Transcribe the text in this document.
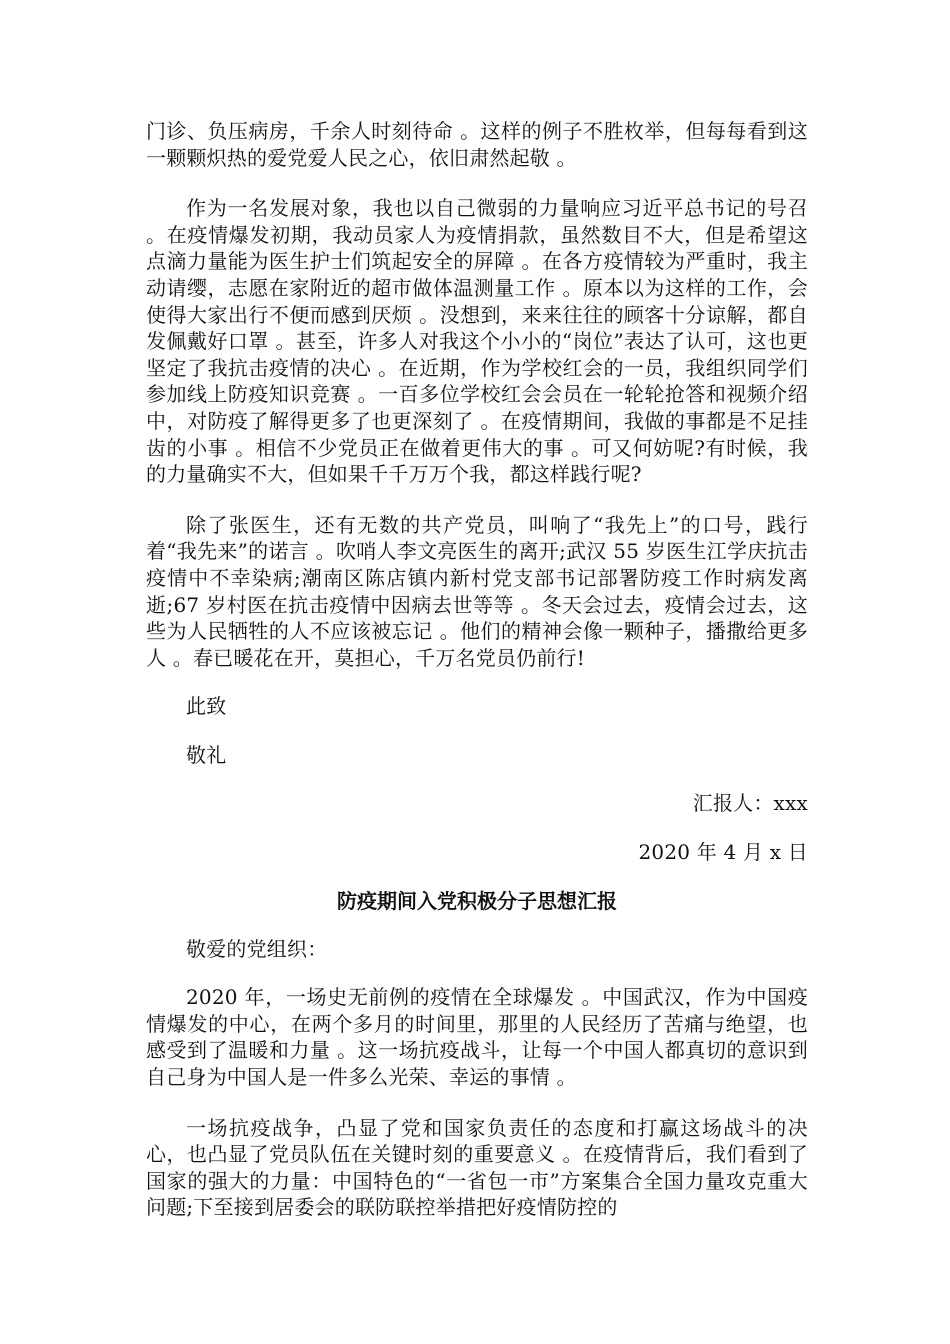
门诊、负压病房，千余人时刻待命 。这样的例子不胜枚举，但每每看到这一颗颗炽热的爱党爱人民之心，依旧肃然起敬 。

作为一名发展对象，我也以自己微弱的力量响应习近平总书记的号召 。在疫情爆发初期，我动员家人为疫情捐款，虽然数目不大，但是希望这点滴力量能为医生护士们筑起安全的屏障 。在各方疫情较为严重时，我主动请缨，志愿在家附近的超市做体温测量工作 。原本以为这样的工作，会使得大家出行不便而感到厌烦 。没想到，来来往往的顾客十分谅解，都自发佩戴好口罩 。甚至，许多人对我这个小小的“岗位”表达了认可，这也更坚定了我抗击疫情的决心 。在近期，作为学校红会的一员，我组织同学们参加线上防疫知识竞赛 。一百多位学校红会会员在一轮轮抢答和视频介绍中，对防疫了解得更多了也更深刻了 。在疫情期间，我做的事都是不足挂齿的小事 。相信不少党员正在做着更伟大的事 。可又何妨呢?有时候，我的力量确实不大，但如果千千万万个我，都这样践行呢?

除了张医生，还有无数的共产党员，叫响了“我先上”的口号，践行着“我先来”的诺言 。吹哨人李文亮医生的离开;武汉 55 岁医生江学庆抗击疫情中不幸染病;潮南区陈店镇内新村党支部书记部署防疫工作时病发离逝;67 岁村医在抗击疫情中因病去世等等 。冬天会过去，疫情会过去，这些为人民牺牲的人不应该被忘记 。他们的精神会像一颗种子，播撒给更多人 。春已暖花在开，莫担心，千万名党员仍前行!

此致

敬礼

汇报人：xxx

2020 年 4 月 x 日

防疫期间入党积极分子思想汇报

敬爱的党组织：

2020 年，一场史无前例的疫情在全球爆发 。中国武汉，作为中国疫情爆发的中心，在两个多月的时间里，那里的人民经历了苦痛与绝望，也感受到了温暖和力量 。这一场抗疫战斗，让每一个中国人都真切的意识到自己身为中国人是一件多么光荣、幸运的事情 。

一场抗疫战争，凸显了党和国家负责任的态度和打赢这场战斗的决心，也凸显了党员队伍在关键时刻的重要意义 。在疫情背后，我们看到了国家的强大的力量：中国特色的“一省包一市”方案集合全国力量攻克重大问题;下至接到居委会的联防联控举措把好疫情防控的
